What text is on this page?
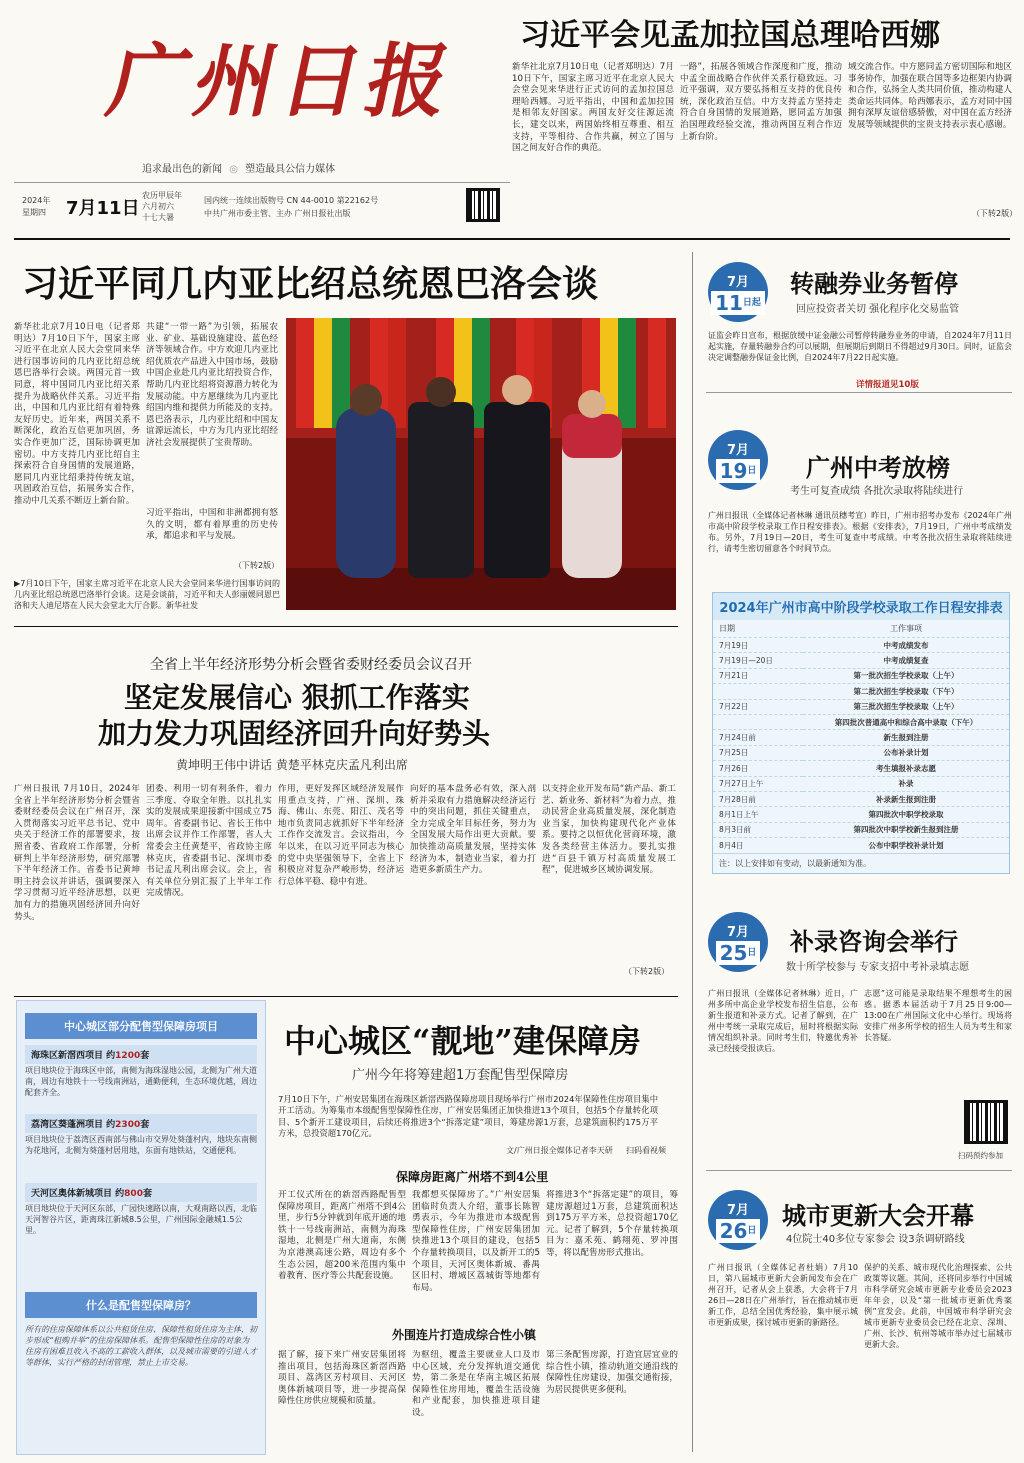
广州日报
追求最出色的新闻 ◎ 塑造最具公信力媒体
2024年
星期四 7月11日
农历甲辰年
六月初六
十七大暑
国内统一连续出版物号 CN 44-0010 第22162号
中共广州市委主管、主办 广州日报社出版
习近平会见孟加拉国总理哈西娜
新华社北京7月10日电（记者郑明达）7月10日下午，国家主席习近平在北京人民大会堂会见来华进行正式访问的孟加拉国总理哈西娜。习近平指出，中国和孟加拉国是相邻友好国家。两国友好交往源远流长，建交以来，两国始终相互尊重、相互支持，平等相待、合作共赢，树立了国与国之间友好合作的典范。
一路”，拓展各领域合作深度和广度，推动中孟全面战略合作伙伴关系行稳致远。习近平强调，双方要弘扬相互支持的优良传统，深化政治互信。中方支持孟方坚持走符合自身国情的发展道路，愿同孟方加强治国理政经验交流，推动两国互利合作迈上新台阶。
域交流合作。中方愿同孟方密切国际和地区事务协作，加强在联合国等多边框架内协调和合作，弘扬全人类共同价值，推动构建人类命运共同体。哈西娜表示，孟方对同中国拥有深厚友谊倍感骄傲，对中国在孟方经济发展等领域提供的宝贵支持表示衷心感谢。
（下转2版）
习近平同几内亚比绍总统恩巴洛会谈
新华社北京7月10日电（记者郑明达）7月10日下午，国家主席习近平在北京人民大会堂同来华进行国事访问的几内亚比绍总统恩巴洛举行会谈。两国元首一致同意，将中国同几内亚比绍关系提升为战略伙伴关系。习近平指出，中国和几内亚比绍有着特殊友好历史。近年来，两国关系不断深化，政治互信更加巩固，务实合作更加广泛，国际协调更加密切。中方支持几内亚比绍自主探索符合自身国情的发展道路，愿同几内亚比绍秉持传统友谊，巩固政治互信，拓展务实合作，推动中几关系不断迈上新台阶。
共建“一带一路”为引领，拓展农业、矿业、基础设施建设、蓝色经济等领域合作。中方欢迎几内亚比绍优质农产品进入中国市场，鼓励中国企业赴几内亚比绍投资合作，帮助几内亚比绍将资源潜力转化为发展动能。中方愿继续为几内亚比绍国内维和提供力所能及的支持。恩巴洛表示，几内亚比绍和中国友谊源远流长，中方为几内亚比绍经济社会发展提供了宝贵帮助。
习近平指出，中国和非洲都拥有悠久的文明，都有着厚重的历史传承，都追求和平与发展。
（下转2版）
▶7月10日下午，国家主席习近平在北京人民大会堂同来华进行国事访问的几内亚比绍总统恩巴洛举行会谈。这是会谈前，习近平和夫人彭丽媛同恩巴洛和夫人迪尼塔在人民大会堂北大厅合影。新华社发
全省上半年经济形势分析会暨省委财经委员会议召开
坚定发展信心 狠抓工作落实
加力发力巩固经济回升向好势头
黄坤明王伟中讲话 黄楚平林克庆孟凡利出席
广州日报讯 7月10日，2024年全省上半年经济形势分析会暨省委财经委员会议在广州召开，深入贯彻落实习近平总书记、党中央关于经济工作的部署要求，按照省委、省政府工作部署，分析研判上半年经济形势，研究部署下半年经济工作。省委书记黄坤明主持会议并讲话，强调要深入学习贯彻习近平经济思想，以更加有力的措施巩固经济回升向好势头。
团委、利用一切有利条件，着力三季度、夺取全年胜。以扎扎实实的发展成果迎接新中国成立75周年。省委副书记、省长王伟中出席会议并作工作部署，省人大常委会主任黄楚平，省政协主席林克庆，省委副书记、深圳市委书记孟凡利出席会议。会上，省有关单位分别汇报了上半年工作完成情况。
作用，更好发挥区域经济发展作用重点支持，广州、深圳、珠海、佛山、东莞、阳江、茂名等地市负责同志就抓好下半年经济工作作交流发言。会议指出，今年以来，在以习近平同志为核心的党中央坚强领导下，全省上下积极应对复杂严峻形势，经济运行总体平稳、稳中有进。
向好的基本盘务必有效，深入剖析并采取有力措施解决经济运行中的突出问题，抓住关键重点，全力完成全年目标任务，努力为全国发展大局作出更大贡献。要加快推动高质量发展，坚持实体经济为本，制造业当家，着力打造更多新质生产力。
以支持企业开发布局“新产品、新工艺、新业务、新材料”为着力点，推动民营企业高质量发展，深化制造业当家，加快构建现代化产业体系。要持之以恒优化营商环境，激发各类经营主体活力。要扎实推进“百县千镇万村高质量发展工程”，促进城乡区域协调发展。
（下转2版）
7月
11日起
转融券业务暂停
回应投资者关切 强化程序化交易监管
证监会昨日宣布，根据放缓中证金融公司暂停转融券业务的申请，自2024年7月11日起实施，存量转融券合约可以展期，但展期后到期日不得超过9月30日。同时，证监会决定调整融券保证金比例，自2024年7月22日起实施。
详情报道见10版
7月
19日	广州中考放榜
考生可复查成绩 各批次录取将陆续进行
广州日报讯（全媒体记者林琳 通讯员穗考宣）昨日，广州市招考办发布《2024年广州市高中阶段学校录取工作日程安排表》。根据《安排表》，7月19日，广州中考成绩发布。另外，7月19日—20日，考生可复查中考成绩。中考各批次招生录取将陆续进行，请考生密切留意各个时间节点。
2024年广州市高中阶段学校录取工作日程安排表
日期	工作事项
7月19日	中考成绩发布
7月19日—20日	中考成绩复查
7月21日	第一批次招生学校录取（上午）
	第二批次招生学校录取（下午）
7月22日	第三批次招生学校录取（上午）
	第四批次普通高中和综合高中录取（下午）
7月24日前	新生报到注册
7月25日	公布补录计划
7月26日	考生填报补录志愿
7月27日上午	补录
7月28日前	补录新生报到注册
8月1日上午	第四批次中职学校录取
8月3日前	第四批次中职学校新生报到注册
8月4日	公布中职学校补录计划
注：以上安排如有变动，以最新通知为准。
7月
25日	补录咨询会举行
数十所学校参与 专家支招中考补录填志愿
广州日报讯（全媒体记者林琳）近日，广州多所中高企业学校发布招生信息，公布新生报道和补录方式。记者了解到，在广州中考统一录取完成后，屈时将根据实际情况组织补录。同时考生们，特邀优秀补录已经接受报读后。
志愿”这可能是录取结果不理想考生的困惑。据悉本届活动于7月25日9:00—13:00在广州国际文化中心举行。现场将安排广州多所学校的招生人员为考生和家长答疑。
扫码预约参加
7月
26日
城市更新大会开幕
4位院士40多位专家参会 设3条调研路线
广州日报讯（全媒体记者杜娟）7月10日，第八届城市更新大会新闻发布会在广州召开，记者从会上获悉，大会将于7月26日—28日在广州举行，旨在推动城市更新工作，总结全国优秀经验，集中展示城市更新成果，探讨城市更新的新路径。
保护的关系、城市现代化治理探索、公共政策等议题。其间，还将同步举行中国城市科学研究会城市更新专业委员会2023年年会，以及“第一批城市更新优秀案例”宣发会。此前，中国城市科学研究会城市更新专业委员会已经在北京、深圳、广州、长沙、杭州等城市举办过七届城市更新大会。
中心城区部分配售型保障房项目
海珠区新滘西项目 约1200套
项目地块位于海珠区中部，南侧为海珠湿地公园，北侧为广州大道南，周边有地铁十一号线南洲站，通勤便利，生态环境优越，周边配套齐全。
荔湾区葵蓬洲项目 约2300套
项目地块位于荔湾区西南部与佛山市交界处葵蓬村内，地块东南侧为花地河，北侧为葵蓬村居用地，东面有地铁站，交通便利。
天河区奥体新城项目 约800套
项目地块位于天河区东部，广园快速路以南，大观南路以西，北临天河智谷片区，距离珠江新城8.5公里，广州国际金融城1.5公里。
什么是配售型保障房？
所有的住房保障体系以公共租赁住房、保障性租赁住房为主体，初步形成“租购并举”的住房保障体系。配售型保障性住房的对象为住房有困难且收入不高的工薪收入群体，以及城市需要的引进人才等群体，实行严格的封闭管理，禁止上市交易。
中心城区“靓地”建保障房
广州今年将筹建超1万套配售型保障房
7月10日下午，广州安居集团在海珠区新滘西路保障房项目现场举行广州市2024年保障性住房项目集中开工活动。为筹集市本级配售型保障性住房，广州安居集团正加快推进13个项目，包括5个存量转化项目、5个新开工建设项目，后续还将推进3个“拆落定建”项目，筹建房源1万套，总建筑面积约175万平方米，总投资超170亿元。
文/广州日报全媒体记者李天研 扫码看视频
保障房距离广州塔不到4公里
开工仪式所在的新滘西路配售型保障房项目，距离广州塔不到4公里，步行5分钟就到年底开通的地铁十一号线南洲站，南侧为海珠湿地，北侧是广州大道南，东侧为京港澳高速公路，周边有多个生态公园，超200米范围内集中着教育、医疗等公共配套设施。
我都想买保障房了。”广州安居集团临时负责人介绍，董事长陈智勇表示，今年为推进市本级配售型保障性住房，广州安居集团加快推进13个项目的建设，包括5个存量转换项目，以及新开工的5个项目，天河区奥体新城、番禺区旧村、增城区荔城街等地都有布局。
将推进3个“拆落定建”的项目，筹建房源超过1万套，总建筑面积达到175万平方米，总投资超170亿元。记者了解到，5个存量转换项目为：嘉禾苑、鹤翔苑、罗冲围等，将以配售房形式推出。
外围连片打造成综合性小镇
据了解，接下来广州安居集团将推出项目，包括海珠区新滘西路项目、荔湾区芳村项目、天河区奥体新城项目等，进一步提高保障性住房供应规模和质量。
为枢纽，覆盖主要就业人口及市中心区域，充分发挥轨道交通优势，第二条是在华南主城区拓展保障性住房用地，覆盖生活设施和产业配套，加快推进项目建设。
第三条配售房源，打造宜居宜业的综合性小镇，推动轨道交通沿线的保障性住房建设，加强交通衔接，为居民提供更多便利。
